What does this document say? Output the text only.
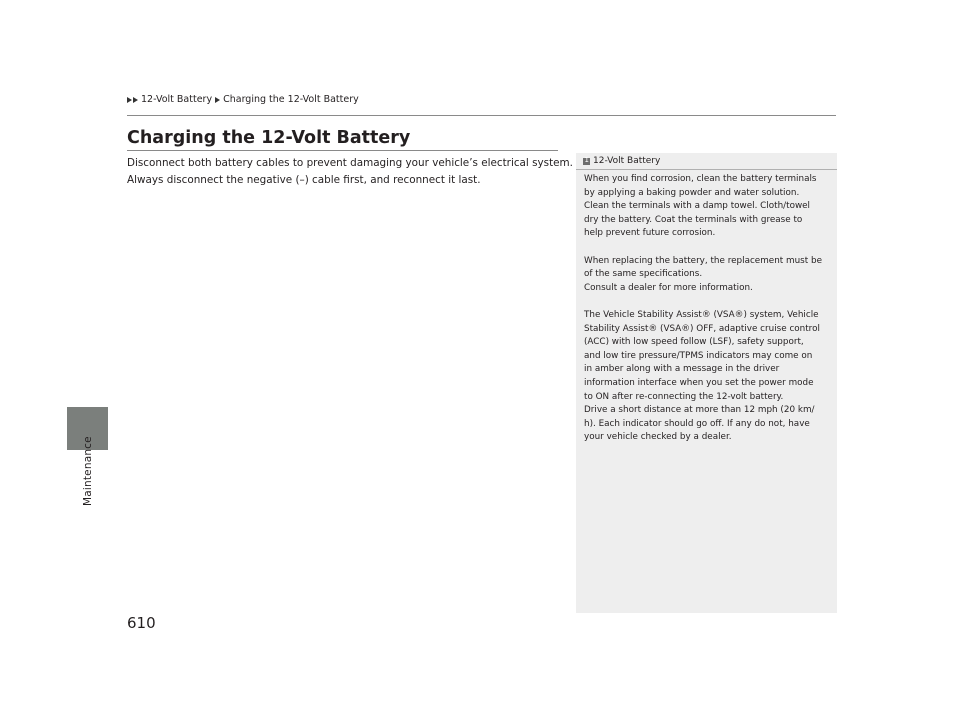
12-Volt Battery Charging the 12-Volt Battery
Maintenance
Charging the 12-Volt Battery

Disconnect both battery cables to prevent damaging your vehicle’s electrical system.

Always disconnect the negative (–) cable first, and reconnect it last.

1
12-Volt Battery

When you find corrosion, clean the battery terminals
by applying a baking powder and water solution.
Clean the terminals with a damp towel. Cloth/towel
dry the battery. Coat the terminals with grease to
help prevent future corrosion.

When replacing the battery, the replacement must be
of the same specifications.
Consult a dealer for more information.

The Vehicle Stability Assist® (VSA®) system, Vehicle
Stability Assist® (VSA®) OFF, adaptive cruise control
(ACC) with low speed follow (LSF), safety support,
and low tire pressure/TPMS indicators may come on
in amber along with a message in the driver
information interface when you set the power mode
to ON after re-connecting the 12-volt battery.
Drive a short distance at more than 12 mph (20 km/
h). Each indicator should go off. If any do not, have
your vehicle checked by a dealer.

610
